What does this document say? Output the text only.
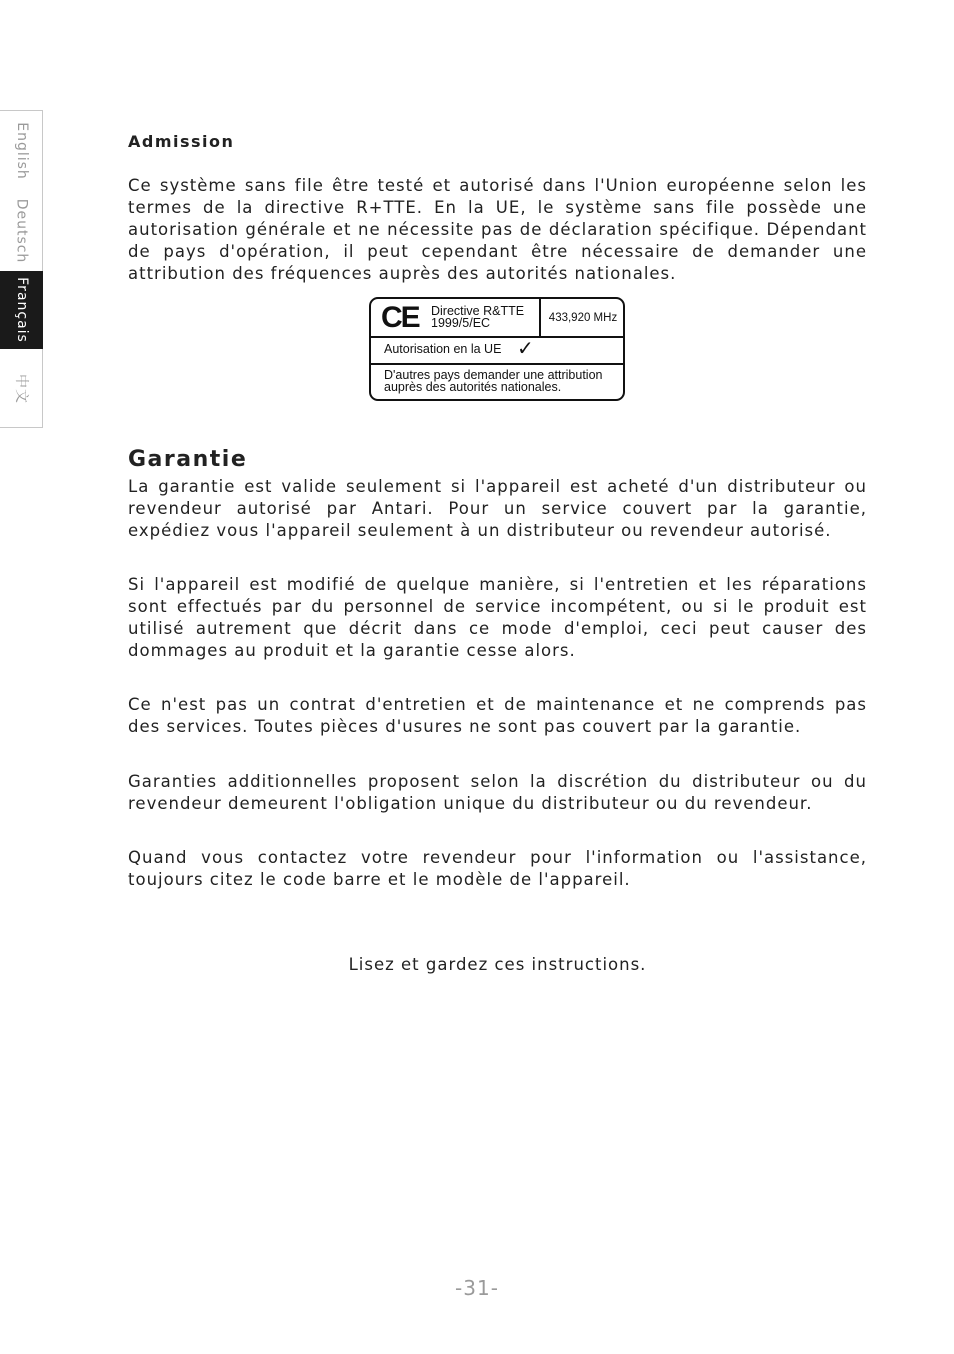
English
Deutsch
Français
中文
Admission

Ce système sans file être testé et autorisé dans l'Union européenne selon les termes de la directive R+TTE. En la UE, le système sans file possède une autorisation générale et ne nécessite pas de déclaration spécifique. Dépendant de pays d'opération, il peut cependant être nécessaire de demander une attribution des fréquences auprès des autorités nationales.

CE Directive R&TTE
1999/5/EC	433,920 MHz
Autorisation en la UE ✓
D'autres pays demander une attribution auprès des autorités nationales.
Garantie

La garantie est valide seulement si l'appareil est acheté d'un distributeur ou revendeur autorisé par Antari. Pour un service couvert par la garantie, expédiez vous l'appareil seulement à un distributeur ou revendeur autorisé.

Si l'appareil est modifié de quelque manière, si l'entretien et les réparations sont effectués par du personnel de service incompétent, ou si le produit est utilisé autrement que décrit dans ce mode d'emploi, ceci peut causer des dommages au produit et la garantie cesse alors.

Ce n'est pas un contrat d'entretien et de maintenance et ne comprends pas des services. Toutes pièces d'usures ne sont pas couvert par la garantie.

Garanties additionnelles proposent selon la discrétion du distributeur ou du revendeur demeurent l'obligation unique du distributeur ou du revendeur.

Quand vous contactez votre revendeur pour l'information ou l'assistance, toujours citez le code barre et le modèle de l'appareil.

Lisez et gardez ces instructions.

-31-
